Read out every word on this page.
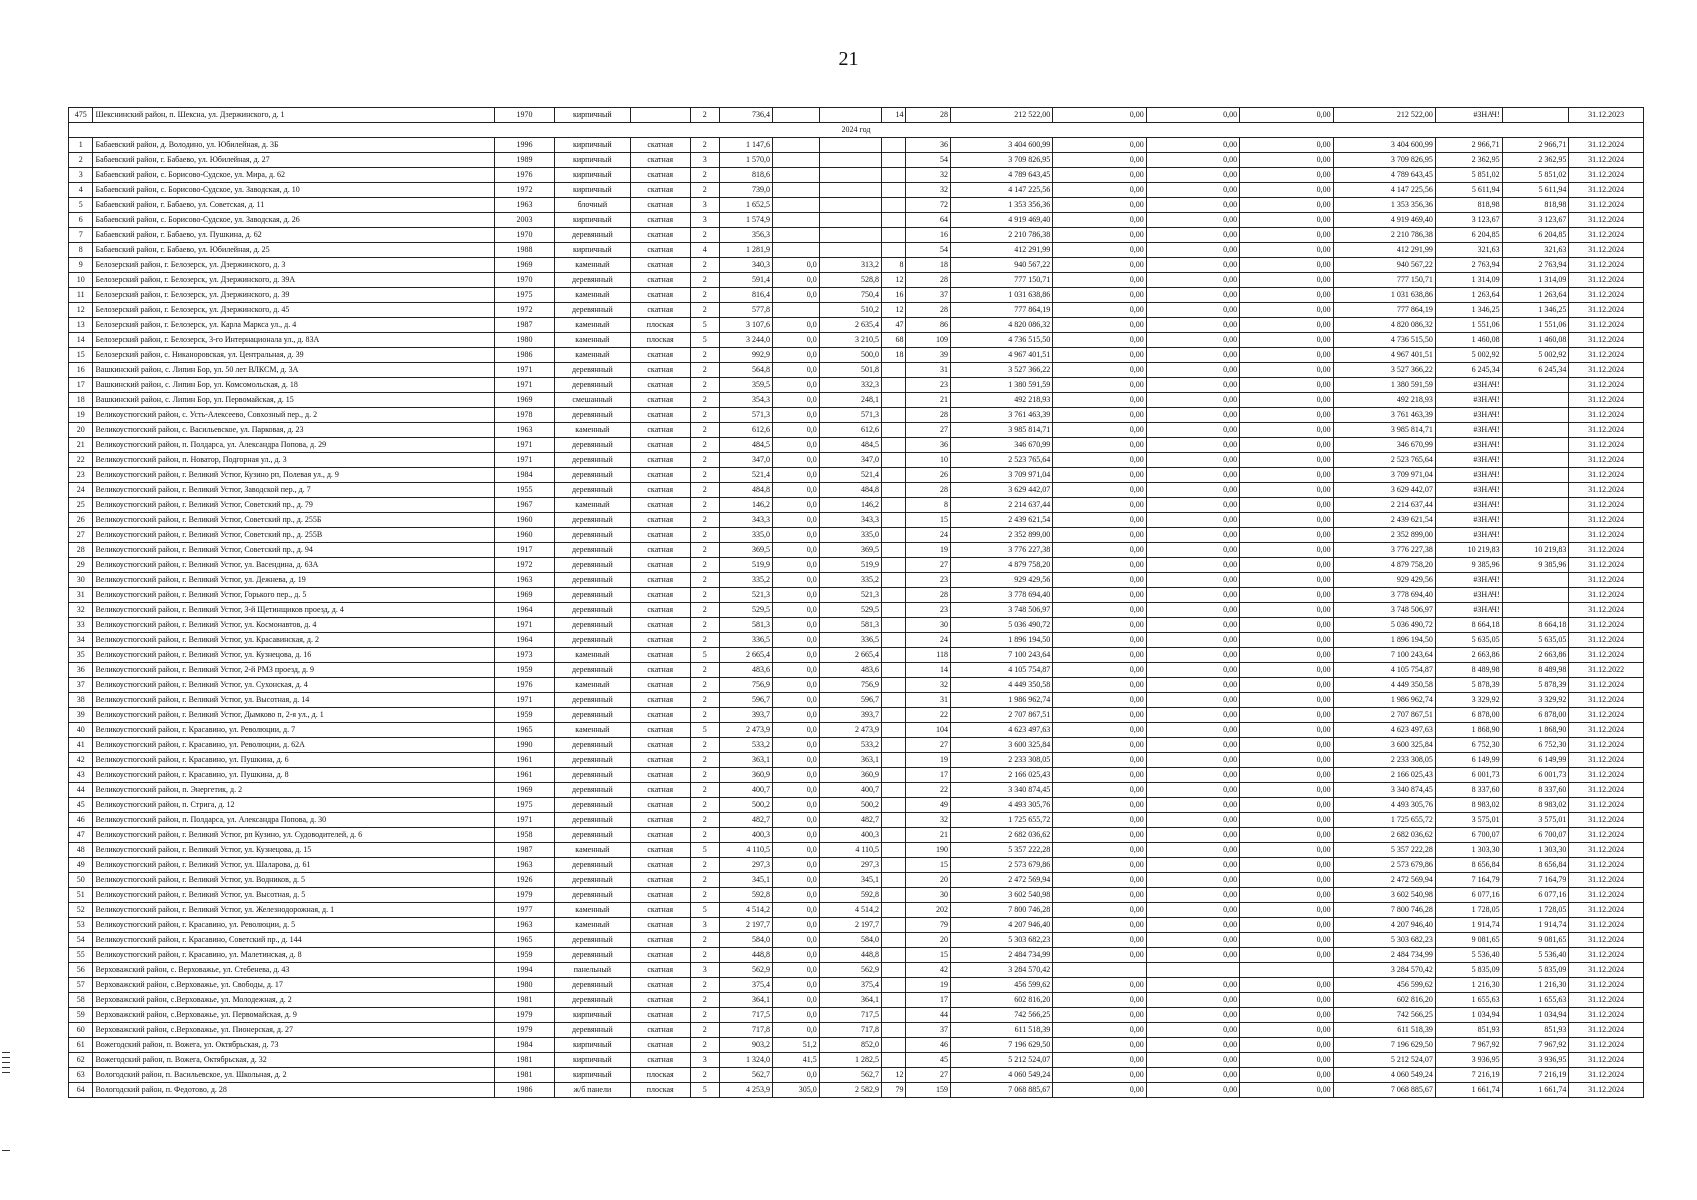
21
475	Шекснинский район, п. Шексна, ул. Дзержинского, д. 1	1970	кирпичный		2	736,4			14	28	212 522,00	0,00	0,00	0,00	212 522,00	#ЗНАЧ!		31.12.2023
2024 год																		
1	Бабаевский район, д. Володино, ул. Юбилейная, д. 3Б	1996	кирпичный	скатная	2	1 147,6				36	3 404 600,99	0,00	0,00	0,00	3 404 600,99	2 966,71	2 966,71	31.12.2024
2	Бабаевский район, г. Бабаево, ул. Юбилейная, д. 27	1989	кирпичный	скатная	3	1 570,0				54	3 709 826,95	0,00	0,00	0,00	3 709 826,95	2 362,95	2 362,95	31.12.2024
3	Бабаевский район, с. Борисово-Судское, ул. Мира, д. 62	1976	кирпичный	скатная	2	818,6				32	4 789 643,45	0,00	0,00	0,00	4 789 643,45	5 851,02	5 851,02	31.12.2024
4	Бабаевский район, с. Борисово-Судское, ул. Заводская, д. 10	1972	кирпичный	скатная	2	739,0				32	4 147 225,56	0,00	0,00	0,00	4 147 225,56	5 611,94	5 611,94	31.12.2024
5	Бабаевский район, г. Бабаево, ул. Советская, д. 11	1963	блочный	скатная	3	1 652,5				72	1 353 356,36	0,00	0,00	0,00	1 353 356,36	818,98	818,98	31.12.2024
6	Бабаевский район, с. Борисово-Судское, ул. Заводская, д. 26	2003	кирпичный	скатная	3	1 574,9				64	4 919 469,40	0,00	0,00	0,00	4 919 469,40	3 123,67	3 123,67	31.12.2024
7	Бабаевский район, г. Бабаево, ул. Пушкина, д. 62	1970	деревянный	скатная	2	356,3				16	2 210 786,38	0,00	0,00	0,00	2 210 786,38	6 204,85	6 204,85	31.12.2024
8	Бабаевский район, г. Бабаево, ул. Юбилейная, д. 25	1988	кирпичный	скатная	4	1 281,9				54	412 291,99	0,00	0,00	0,00	412 291,99	321,63	321,63	31.12.2024
9	Белозерский район, г. Белозерск, ул. Дзержинского, д. 3	1969	каменный	скатная	2	340,3	0,0	313,2	8	18	940 567,22	0,00	0,00	0,00	940 567,22	2 763,94	2 763,94	31.12.2024
10	Белозерский район, г. Белозерск, ул. Дзержинского, д. 39А	1970	деревянный	скатная	2	591,4	0,0	528,8	12	28	777 150,71	0,00	0,00	0,00	777 150,71	1 314,09	1 314,09	31.12.2024
11	Белозерский район, г. Белозерск, ул. Дзержинского, д. 39	1975	каменный	скатная	2	816,4	0,0	750,4	16	37	1 031 638,86	0,00	0,00	0,00	1 031 638,86	1 263,64	1 263,64	31.12.2024
12	Белозерский район, г. Белозерск, ул. Дзержинского, д. 45	1972	деревянный	скатная	2	577,8		510,2	12	28	777 864,19	0,00	0,00	0,00	777 864,19	1 346,25	1 346,25	31.12.2024
13	Белозерский район, г. Белозерск, ул. Карла Маркса ул., д. 4	1987	каменный	плоская	5	3 107,6	0,0	2 635,4	47	86	4 820 086,32	0,00	0,00	0,00	4 820 086,32	1 551,06	1 551,06	31.12.2024
14	Белозерский район, г. Белозерск, 3-го Интернационала ул., д. 83А	1980	каменный	плоская	5	3 244,0	0,0	3 210,5	68	109	4 736 515,50	0,00	0,00	0,00	4 736 515,50	1 460,08	1 460,08	31.12.2024
15	Белозерский район, с. Никаноровская, ул. Центральная, д. 39	1986	каменный	скатная	2	992,9	0,0	500,0	18	39	4 967 401,51	0,00	0,00	0,00	4 967 401,51	5 002,92	5 002,92	31.12.2024
16	Вашкинский район, с. Липин Бор, ул. 50 лет ВЛКСМ, д. 3А	1971	деревянный	скатная	2	564,8	0,0	501,8		31	3 527 366,22	0,00	0,00	0,00	3 527 366,22	6 245,34	6 245,34	31.12.2024
17	Вашкинский район, с. Липин Бор, ул. Комсомольская, д. 18	1971	деревянный	скатная	2	359,5	0,0	332,3		23	1 380 591,59	0,00	0,00	0,00	1 380 591,59	#ЗНАЧ!		31.12.2024
18	Вашкинский район, с. Липин Бор, ул. Первомайская, д. 15	1969	смешанный	скатная	2	354,3	0,0	248,1		21	492 218,93	0,00	0,00	0,00	492 218,93	#ЗНАЧ!		31.12.2024
19	Великоустюгский район, с. Усть-Алексеево, Совхозный пер., д. 2	1978	деревянный	скатная	2	571,3	0,0	571,3		28	3 761 463,39	0,00	0,00	0,00	3 761 463,39	#ЗНАЧ!		31.12.2024
20	Великоустюгский район, с. Васильевское, ул. Парковая, д. 23	1963	каменный	скатная	2	612,6	0,0	612,6		27	3 985 814,71	0,00	0,00	0,00	3 985 814,71	#ЗНАЧ!		31.12.2024
21	Великоустюгский район, п. Полдарса, ул. Александра Попова, д. 29	1971	деревянный	скатная	2	484,5	0,0	484,5		36	346 670,99	0,00	0,00	0,00	346 670,99	#ЗНАЧ!		31.12.2024
22	Великоустюгский район, п. Новатор, Подгорная ул., д. 3	1971	деревянный	скатная	2	347,0	0,0	347,0		10	2 523 765,64	0,00	0,00	0,00	2 523 765,64	#ЗНАЧ!		31.12.2024
23	Великоустюгский район, г. Великий Устюг, Кузино рп, Полевая ул., д. 9	1984	деревянный	скатная	2	521,4	0,0	521,4		26	3 709 971,04	0,00	0,00	0,00	3 709 971,04	#ЗНАЧ!		31.12.2024
24	Великоустюгский район, г. Великий Устюг, Заводской пер., д. 7	1955	деревянный	скатная	2	484,8	0,0	484,8		28	3 629 442,07	0,00	0,00	0,00	3 629 442,07	#ЗНАЧ!		31.12.2024
25	Великоустюгский район, г. Великий Устюг, Советский пр., д. 79	1967	каменный	скатная	2	146,2	0,0	146,2		8	2 214 637,44	0,00	0,00	0,00	2 214 637,44	#ЗНАЧ!		31.12.2024
26	Великоустюгский район, г. Великий Устюг, Советский пр., д. 255Б	1960	деревянный	скатная	2	343,3	0,0	343,3		15	2 439 621,54	0,00	0,00	0,00	2 439 621,54	#ЗНАЧ!		31.12.2024
27	Великоустюгский район, г. Великий Устюг, Советский пр., д. 255В	1960	деревянный	скатная	2	335,0	0,0	335,0		24	2 352 899,00	0,00	0,00	0,00	2 352 899,00	#ЗНАЧ!		31.12.2024
28	Великоустюгский район, г. Великий Устюг, Советский пр., д. 94	1917	деревянный	скатная	2	369,5	0,0	369,5		19	3 776 227,38	0,00	0,00	0,00	3 776 227,38	10 219,83	10 219,83	31.12.2024
29	Великоустюгский район, г. Великий Устюг, ул. Васендина, д. 63А	1972	деревянный	скатная	2	519,9	0,0	519,9		27	4 879 758,20	0,00	0,00	0,00	4 879 758,20	9 385,96	9 385,96	31.12.2024
30	Великоустюгский район, г. Великий Устюг, ул. Дежнева, д. 19	1963	деревянный	скатная	2	335,2	0,0	335,2		23	929 429,56	0,00	0,00	0,00	929 429,56	#ЗНАЧ!		31.12.2024
31	Великоустюгский район, г. Великий Устюг, Горького пер., д. 5	1969	деревянный	скатная	2	521,3	0,0	521,3		28	3 778 694,40	0,00	0,00	0,00	3 778 694,40	#ЗНАЧ!		31.12.2024
32	Великоустюгский район, г. Великий Устюг, 3-й Щетинщиков проезд, д. 4	1964	деревянный	скатная	2	529,5	0,0	529,5		23	3 748 506,97	0,00	0,00	0,00	3 748 506,97	#ЗНАЧ!		31.12.2024
33	Великоустюгский район, г. Великий Устюг, ул. Космонавтов, д. 4	1971	деревянный	скатная	2	581,3	0,0	581,3		30	5 036 490,72	0,00	0,00	0,00	5 036 490,72	8 664,18	8 664,18	31.12.2024
34	Великоустюгский район, г. Великий Устюг, ул. Красавинская, д. 2	1964	деревянный	скатная	2	336,5	0,0	336,5		24	1 896 194,50	0,00	0,00	0,00	1 896 194,50	5 635,05	5 635,05	31.12.2024
35	Великоустюгский район, г. Великий Устюг, ул. Кузнецова, д. 16	1973	каменный	скатная	5	2 665,4	0,0	2 665,4		118	7 100 243,64	0,00	0,00	0,00	7 100 243,64	2 663,86	2 663,86	31.12.2024
36	Великоустюгский район, г. Великий Устюг, 2-й РМЗ проезд, д. 9	1959	деревянный	скатная	2	483,6	0,0	483,6		14	4 105 754,87	0,00	0,00	0,00	4 105 754,87	8 489,98	8 489,98	31.12.2022
37	Великоустюгский район, г. Великий Устюг, ул. Сухонская, д. 4	1976	каменный	скатная	2	756,9	0,0	756,9		32	4 449 350,58	0,00	0,00	0,00	4 449 350,58	5 878,39	5 878,39	31.12.2024
38	Великоустюгский район, г. Великий Устюг, ул. Высотная, д. 14	1971	деревянный	скатная	2	596,7	0,0	596,7		31	1 986 962,74	0,00	0,00	0,00	1 986 962,74	3 329,92	3 329,92	31.12.2024
39	Великоустюгский район, г. Великий Устюг, Дымково п, 2-я ул., д. 1	1959	деревянный	скатная	2	393,7	0,0	393,7		22	2 707 867,51	0,00	0,00	0,00	2 707 867,51	6 878,00	6 878,00	31.12.2024
40	Великоустюгский район, г. Красавино, ул. Революции, д. 7	1965	каменный	скатная	5	2 473,9	0,0	2 473,9		104	4 623 497,63	0,00	0,00	0,00	4 623 497,63	1 868,90	1 868,90	31.12.2024
41	Великоустюгский район, г. Красавино, ул. Революции, д. 62А	1990	деревянный	скатная	2	533,2	0,0	533,2		27	3 600 325,84	0,00	0,00	0,00	3 600 325,84	6 752,30	6 752,30	31.12.2024
42	Великоустюгский район, г. Красавино, ул. Пушкина, д. 6	1961	деревянный	скатная	2	363,1	0,0	363,1		19	2 233 308,05	0,00	0,00	0,00	2 233 308,05	6 149,99	6 149,99	31.12.2024
43	Великоустюгский район, г. Красавино, ул. Пушкина, д. 8	1961	деревянный	скатная	2	360,9	0,0	360,9		17	2 166 025,43	0,00	0,00	0,00	2 166 025,43	6 001,73	6 001,73	31.12.2024
44	Великоустюгский район, п. Энергетик, д. 2	1969	деревянный	скатная	2	400,7	0,0	400,7		22	3 340 874,45	0,00	0,00	0,00	3 340 874,45	8 337,60	8 337,60	31.12.2024
45	Великоустюгский район, п. Стрига, д. 12	1975	деревянный	скатная	2	500,2	0,0	500,2		49	4 493 305,76	0,00	0,00	0,00	4 493 305,76	8 983,02	8 983,02	31.12.2024
46	Великоустюгский район, п. Полдарса, ул. Александра Попова, д. 30	1971	деревянный	скатная	2	482,7	0,0	482,7		32	1 725 655,72	0,00	0,00	0,00	1 725 655,72	3 575,01	3 575,01	31.12.2024
47	Великоустюгский район, г. Великий Устюг, рп Кузино, ул. Судоводителей, д. 6	1958	деревянный	скатная	2	400,3	0,0	400,3		21	2 682 036,62	0,00	0,00	0,00	2 682 036,62	6 700,07	6 700,07	31.12.2024
48	Великоустюгский район, г. Великий Устюг, ул. Кузнецова, д. 15	1987	каменный	скатная	5	4 110,5	0,0	4 110,5		190	5 357 222,28	0,00	0,00	0,00	5 357 222,28	1 303,30	1 303,30	31.12.2024
49	Великоустюгский район, г. Великий Устюг, ул. Шаларова, д. 61	1963	деревянный	скатная	2	297,3	0,0	297,3		15	2 573 679,86	0,00	0,00	0,00	2 573 679,86	8 656,84	8 656,84	31.12.2024
50	Великоустюгский район, г. Великий Устюг, ул. Водников, д. 5	1926	деревянный	скатная	2	345,1	0,0	345,1		20	2 472 569,94	0,00	0,00	0,00	2 472 569,94	7 164,79	7 164,79	31.12.2024
51	Великоустюгский район, г. Великий Устюг, ул. Высотная, д. 5	1979	деревянный	скатная	2	592,8	0,0	592,8		30	3 602 540,98	0,00	0,00	0,00	3 602 540,98	6 077,16	6 077,16	31.12.2024
52	Великоустюгский район, г. Великий Устюг, ул. Железнодорожная, д. 1	1977	каменный	скатная	5	4 514,2	0,0	4 514,2		202	7 800 746,28	0,00	0,00	0,00	7 800 746,28	1 728,05	1 728,05	31.12.2024
53	Великоустюгский район, г. Красавино, ул. Революции, д. 5	1963	каменный	скатная	3	2 197,7	0,0	2 197,7		79	4 207 946,40	0,00	0,00	0,00	4 207 946,40	1 914,74	1 914,74	31.12.2024
54	Великоустюгский район, г. Красавино, Советский пр., д. 144	1965	деревянный	скатная	2	584,0	0,0	584,0		20	5 303 682,23	0,00	0,00	0,00	5 303 682,23	9 081,65	9 081,65	31.12.2024
55	Великоустюгский район, г. Красавино, ул. Малетинская, д. 8	1959	деревянный	скатная	2	448,8	0,0	448,8		15	2 484 734,99	0,00	0,00	0,00	2 484 734,99	5 536,40	5 536,40	31.12.2024
56	Верховажский район, с. Верховажье, ул. Стебенева, д. 43	1994	панельный	скатная	3	562,9	0,0	562,9		42	3 284 570,42				3 284 570,42	5 835,09	5 835,09	31.12.2024
57	Верховажский район, с.Верховажье, ул. Свободы, д. 17	1980	деревянный	скатная	2	375,4	0,0	375,4		19	456 599,62	0,00	0,00	0,00	456 599,62	1 216,30	1 216,30	31.12.2024
58	Верховажский район, с.Верховажье, ул. Молодежная, д. 2	1981	деревянный	скатная	2	364,1	0,0	364,1		17	602 816,20	0,00	0,00	0,00	602 816,20	1 655,63	1 655,63	31.12.2024
59	Верховажский район, с.Верховажье, ул. Первомайская, д. 9	1979	кирпичный	скатная	2	717,5	0,0	717,5		44	742 566,25	0,00	0,00	0,00	742 566,25	1 034,94	1 034,94	31.12.2024
60	Верховажский район, с.Верховажье, ул. Пионерская, д. 27	1979	деревянный	скатная	2	717,8	0,0	717,8		37	611 518,39	0,00	0,00	0,00	611 518,39	851,93	851,93	31.12.2024
61	Вожегодский район, п. Вожега, ул. Октябрьская, д. 73	1984	кирпичный	скатная	2	903,2	51,2	852,0		46	7 196 629,50	0,00	0,00	0,00	7 196 629,50	7 967,92	7 967,92	31.12.2024
62	Вожегодский район, п. Вожега, Октябрьская, д. 32	1981	кирпичный	скатная	3	1 324,0	41,5	1 282,5		45	5 212 524,07	0,00	0,00	0,00	5 212 524,07	3 936,95	3 936,95	31.12.2024
63	Вологодский район, п. Васильевское, ул. Школьная, д. 2	1981	кирпичный	плоская	2	562,7	0,0	562,7	12	27	4 060 549,24	0,00	0,00	0,00	4 060 549,24	7 216,19	7 216,19	31.12.2024
64	Вологодский район, п. Федотово, д. 28	1986	ж/б панели	плоская	5	4 253,9	305,0	2 582,9	79	159	7 068 885,67	0,00	0,00	0,00	7 068 885,67	1 661,74	1 661,74	31.12.2024
